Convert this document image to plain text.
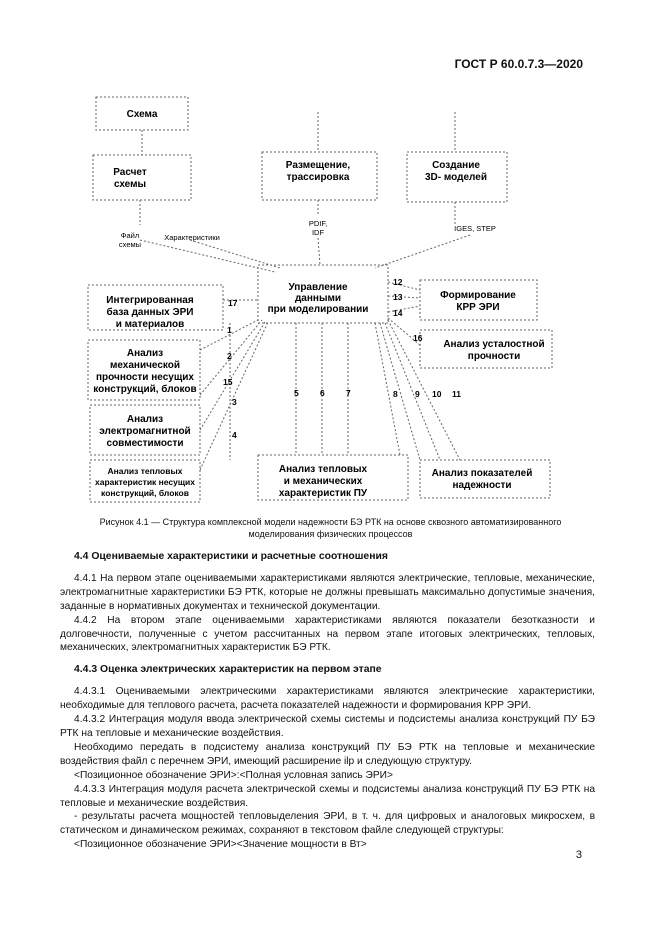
ГОСТ Р 60.0.7.3—2020
Схема
Расчет
схемы
Размещение,
трассировка
Создание
3D- моделей
Интегрированная
база данных ЭРИ
и материалов
Управление
данными
при моделировании
Формирование
КРР ЭРИ
Анализ
механической
прочности несущих
конструкций, блоков
Анализ усталостной
прочности
Анализ
электромагнитной
совместимости
Анализ тепловых
характеристик несущих
конструкций, блоков
Анализ тепловых
и механических
характеристик ПУ
Анализ показателей
надежности
Файл
схемы
Характеристики
PDIF,
IDF	IGES, STEP
17
1
2
15
3
4
5	6	7	8 9 10 11
12
13
14
16
Рисунок 4.1 — Структура комплексной модели надежности БЭ РТК на основе сквозного автоматизированного
моделирования физических процессов
4.4 Оцениваемые характеристики и расчетные соотношения

4.4.1 На первом этапе оцениваемыми характеристиками являются электрические, тепловые, механические, электромагнитные характеристики БЭ РТК, которые не должны превышать максимально допустимые значения, заданные в нормативных документах и технической документации.

4.4.2 На втором этапе оцениваемыми характеристиками являются показатели безотказности и долговечности, полученные с учетом рассчитанных на первом этапе итоговых электрических, тепловых, механических, электромагнитных характеристик БЭ РТК.

4.4.3 Оценка электрических характеристик на первом этапе

4.4.3.1 Оцениваемыми электрическими характеристиками являются электрические характеристики, необходимые для теплового расчета, расчета показателей надежности и формирования КРР ЭРИ.

4.4.3.2 Интеграция модуля ввода электрической схемы системы и подсистемы анализа конструкций ПУ БЭ РТК на тепловые и механические воздействия.

Необходимо передать в подсистему анализа конструкций ПУ БЭ РТК на тепловые и механические воздействия файл с перечнем ЭРИ, имеющий расширение ilp и следующую структуру.

<Позиционное обозначение ЭРИ>:<Полная условная запись ЭРИ>

4.4.3.3 Интеграция модуля расчета электрической схемы и подсистемы анализа конструкций ПУ БЭ РТК на тепловые и механические воздействия.

- результаты расчета мощностей тепловыделения ЭРИ, в т. ч. для цифровых и аналоговых микросхем, в статическом и динамическом режимах, сохраняют в текстовом файле следующей структуры:

<Позиционное обозначение ЭРИ><Значение мощности в Вт>

3
